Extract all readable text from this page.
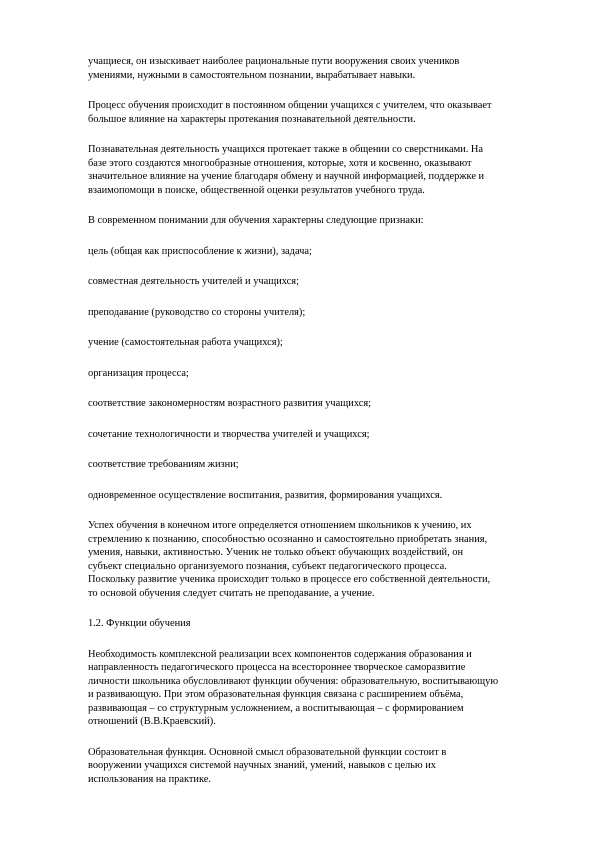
учащиеся, он изыскивает наиболее рациональные пути вооружения своих учеников
умениями, нужными в самостоятельном познании, вырабатывает навыки.
Процесс обучения происходит в постоянном общении учащихся с учителем, что оказывает
большое влияние на характеры протекания познавательной деятельности.
Познавательная деятельность учащихся протекает также в общении со сверстниками. На
базе этого создаются многообразные отношения, которые, хотя и косвенно, оказывают
значительное влияние на учение благодаря обмену и научной информацией, поддержке и
взаимопомощи в поиске, общественной оценки результатов учебного труда.
В современном понимании для обучения характерны следующие признаки:
цель (общая как приспособление к жизни), задача;
совместная деятельность учителей и учащихся;
преподавание (руководство со стороны учителя);
учение (самостоятельная работа учащихся);
организация процесса;
соответствие закономерностям возрастного развития учащихся;
сочетание технологичности и творчества учителей и учащихся;
соответствие требованиям жизни;
одновременное осуществление воспитания, развития, формирования учащихся.
Успех обучения в конечном итоге определяется отношением школьников к учению, их
стремлению к познанию, способностью осознанно и самостоятельно приобретать знания,
умения, навыки, активностью. Ученик не только объект обучающих воздействий, он
субъект специально организуемого познания, субъект педагогического процесса.
Поскольку развитие ученика происходит только в процессе его собственной деятельности,
то основой обучения следует считать не преподавание, а учение.
1.2. Функции обучения
Необходимость комплексной реализации всех компонентов содержания образования и
направленность педагогического процесса на всестороннее творческое саморазвитие
личности школьника обусловливают функции обучения: образовательную, воспитывающую
и развивающую. При этом образовательная функция связана с расширением объёма,
развивающая – со структурным усложнением, а воспитывающая – с формированием
отношений (В.В.Краевский).
Образовательная функция. Основной смысл образовательной функции состоит в
вооружении учащихся системой научных знаний, умений, навыков с целью их
использования на практике.
